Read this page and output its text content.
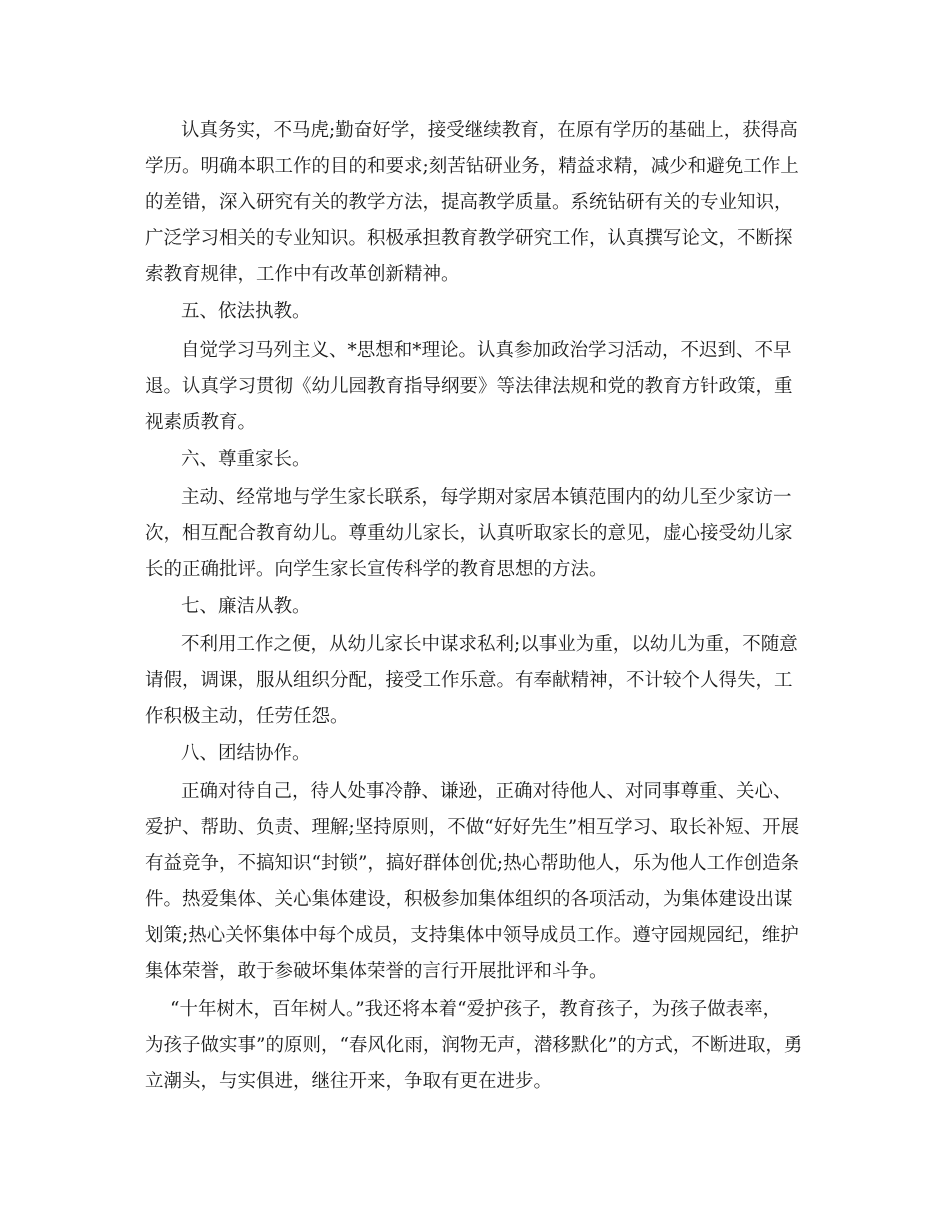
认真务实，不马虎;勤奋好学，接受继续教育，在原有学历的基础上，获得高

学历。明确本职工作的目的和要求;刻苦钻研业务，精益求精，减少和避免工作上

的差错，深入研究有关的教学方法，提高教学质量。系统钻研有关的专业知识，

广泛学习相关的专业知识。积极承担教育教学研究工作，认真撰写论文，不断探

索教育规律，工作中有改革创新精神。

五、依法执教。

自觉学习马列主义、*思想和*理论。认真参加政治学习活动，不迟到、不早

退。认真学习贯彻《幼儿园教育指导纲要》等法律法规和党的教育方针政策，重

视素质教育。

六、尊重家长。

主动、经常地与学生家长联系，每学期对家居本镇范围内的幼儿至少家访一

次，相互配合教育幼儿。尊重幼儿家长，认真听取家长的意见，虚心接受幼儿家

长的正确批评。向学生家长宣传科学的教育思想的方法。

七、廉洁从教。

不利用工作之便，从幼儿家长中谋求私利;以事业为重，以幼儿为重，不随意

请假，调课，服从组织分配，接受工作乐意。有奉献精神，不计较个人得失，工

作积极主动，任劳任怨。

八、团结协作。

正确对待自己，待人处事冷静、谦逊，正确对待他人、对同事尊重、关心、

爱护、帮助、负责、理解;坚持原则，不做“好好先生”相互学习、取长补短、开展

有益竞争，不搞知识“封锁”，搞好群体创优;热心帮助他人，乐为他人工作创造条

件。热爱集体、关心集体建设，积极参加集体组织的各项活动，为集体建设出谋

划策;热心关怀集体中每个成员，支持集体中领导成员工作。遵守园规园纪，维护

集体荣誉，敢于参破坏集体荣誉的言行开展批评和斗争。

“十年树木，百年树人。”我还将本着“爱护孩子，教育孩子，为孩子做表率，

为孩子做实事”的原则，“春风化雨，润物无声，潜移默化”的方式，不断进取，勇

立潮头，与实俱进，继往开来，争取有更在进步。
